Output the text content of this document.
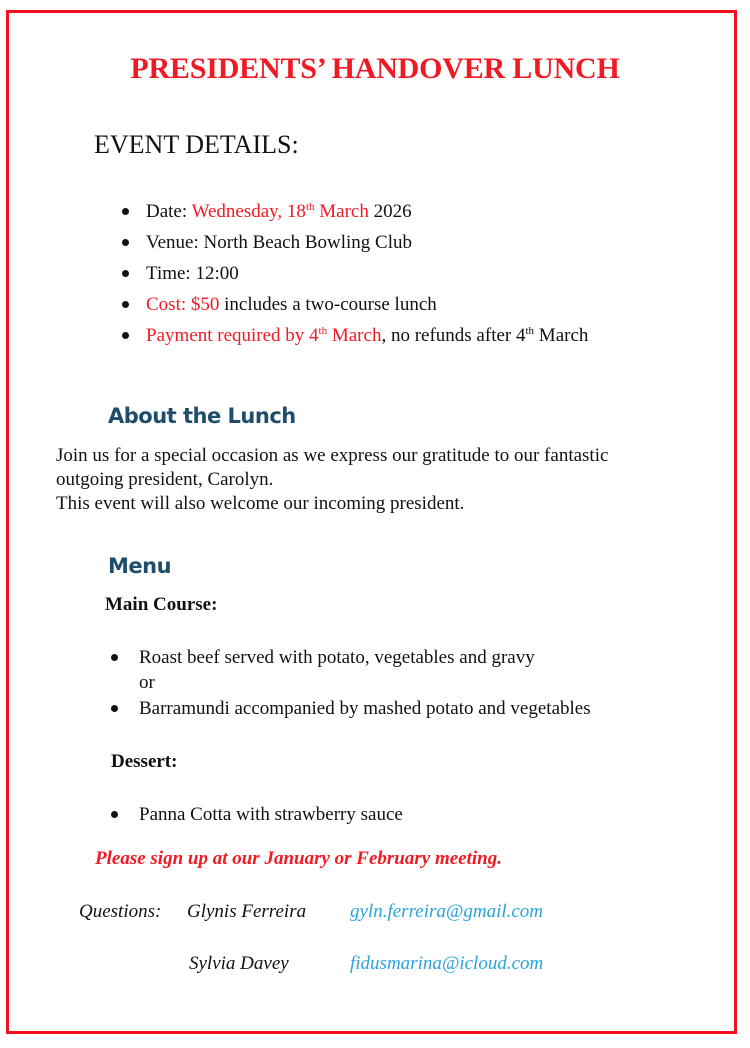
PRESIDENTS’ HANDOVER LUNCH
EVENT DETAILS:
Date: Wednesday, 18th March 2026
Venue: North Beach Bowling Club
Time: 12:00
Cost: $50 includes a two-course lunch
Payment required by 4th March, no refunds after 4th March
About the Lunch
Join us for a special occasion as we express our gratitude to our fantastic
outgoing president, Carolyn.
This event will also welcome our incoming president.
Menu
Main Course:
Roast beef served with potato, vegetables and gravy
or
Barramundi accompanied by mashed potato and vegetables
Dessert:
Panna Cotta with strawberry sauce
Please sign up at our January or February meeting.
Questions: Glynis Ferreira gyln.ferreira@gmail.com
Sylvia Davey	fidusmarina@icloud.com
